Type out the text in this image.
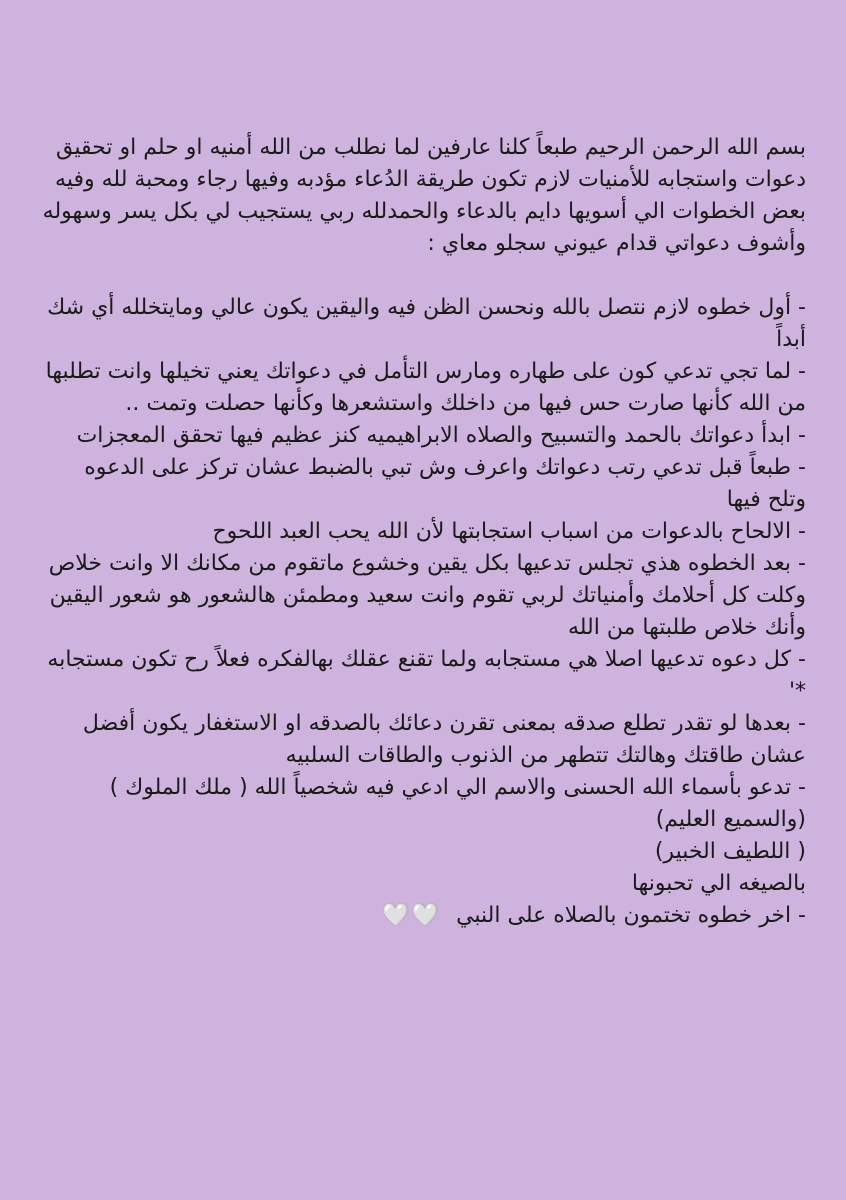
بسم الله الرحمن الرحيم طبعاً كلنا عارفين لما نطلب من الله أمنيه او حلم او تحقيق دعوات واستجابه للأمنيات لازم تكون طريقة الدُعاء مؤدبه وفيها رجاء ومحبة لله وفيه بعض الخطوات الي أسويها دايم بالدعاء والحمدلله ربي يستجيب لي بكل يسر وسهوله وأشوف دعواتي قدام عيوني سجلو معاي :

- أول خطوه لازم نتصل بالله ونحسن الظن فيه واليقين يكون عالي ومايتخلله أي شك أبداً

- لما تجي تدعي كون على طهاره ومارس التأمل في دعواتك يعني تخيلها وانت تطلبها من الله كأنها صارت حس فيها من داخلك واستشعرها وكأنها حصلت وتمت ..

- ابدأ دعواتك بالحمد والتسبيح والصلاه الابراهيميه كنز عظيم فيها تحقق المعجزات

- طبعاً قبل تدعي رتب دعواتك واعرف وش تبي بالضبط عشان تركز على الدعوه وتلح فيها

- الالحاح بالدعوات من اسباب استجابتها لأن الله يحب العبد اللحوح

- بعد الخطوه هذي تجلس تدعيها بكل يقين وخشوع ماتقوم من مكانك الا وانت خلاص وكلت كل أحلامك وأمنياتك لربي تقوم وانت سعيد ومطمئن هالشعور هو شعور اليقين وأنك خلاص طلبتها من الله

- كل دعوه تدعيها اصلا هي مستجابه ولما تقنع عقلك بهالفكره فعلاً رح تكون مستجابه *'

- بعدها لو تقدر تطلع صدقه بمعنى تقرن دعائك بالصدقه او الاستغفار يكون أفضل عشان طاقتك وهالتك تتطهر من الذنوب والطاقات السلبيه

- تدعو بأسماء الله الحسنى والاسم الي ادعي فيه شخصياً الله ( ملك الملوك )

(والسميع العليم)

( اللطيف الخبير)

بالصيغه الي تحبونها

- اخر خطوه تختمون بالصلاه على النبي 🤍🤍
